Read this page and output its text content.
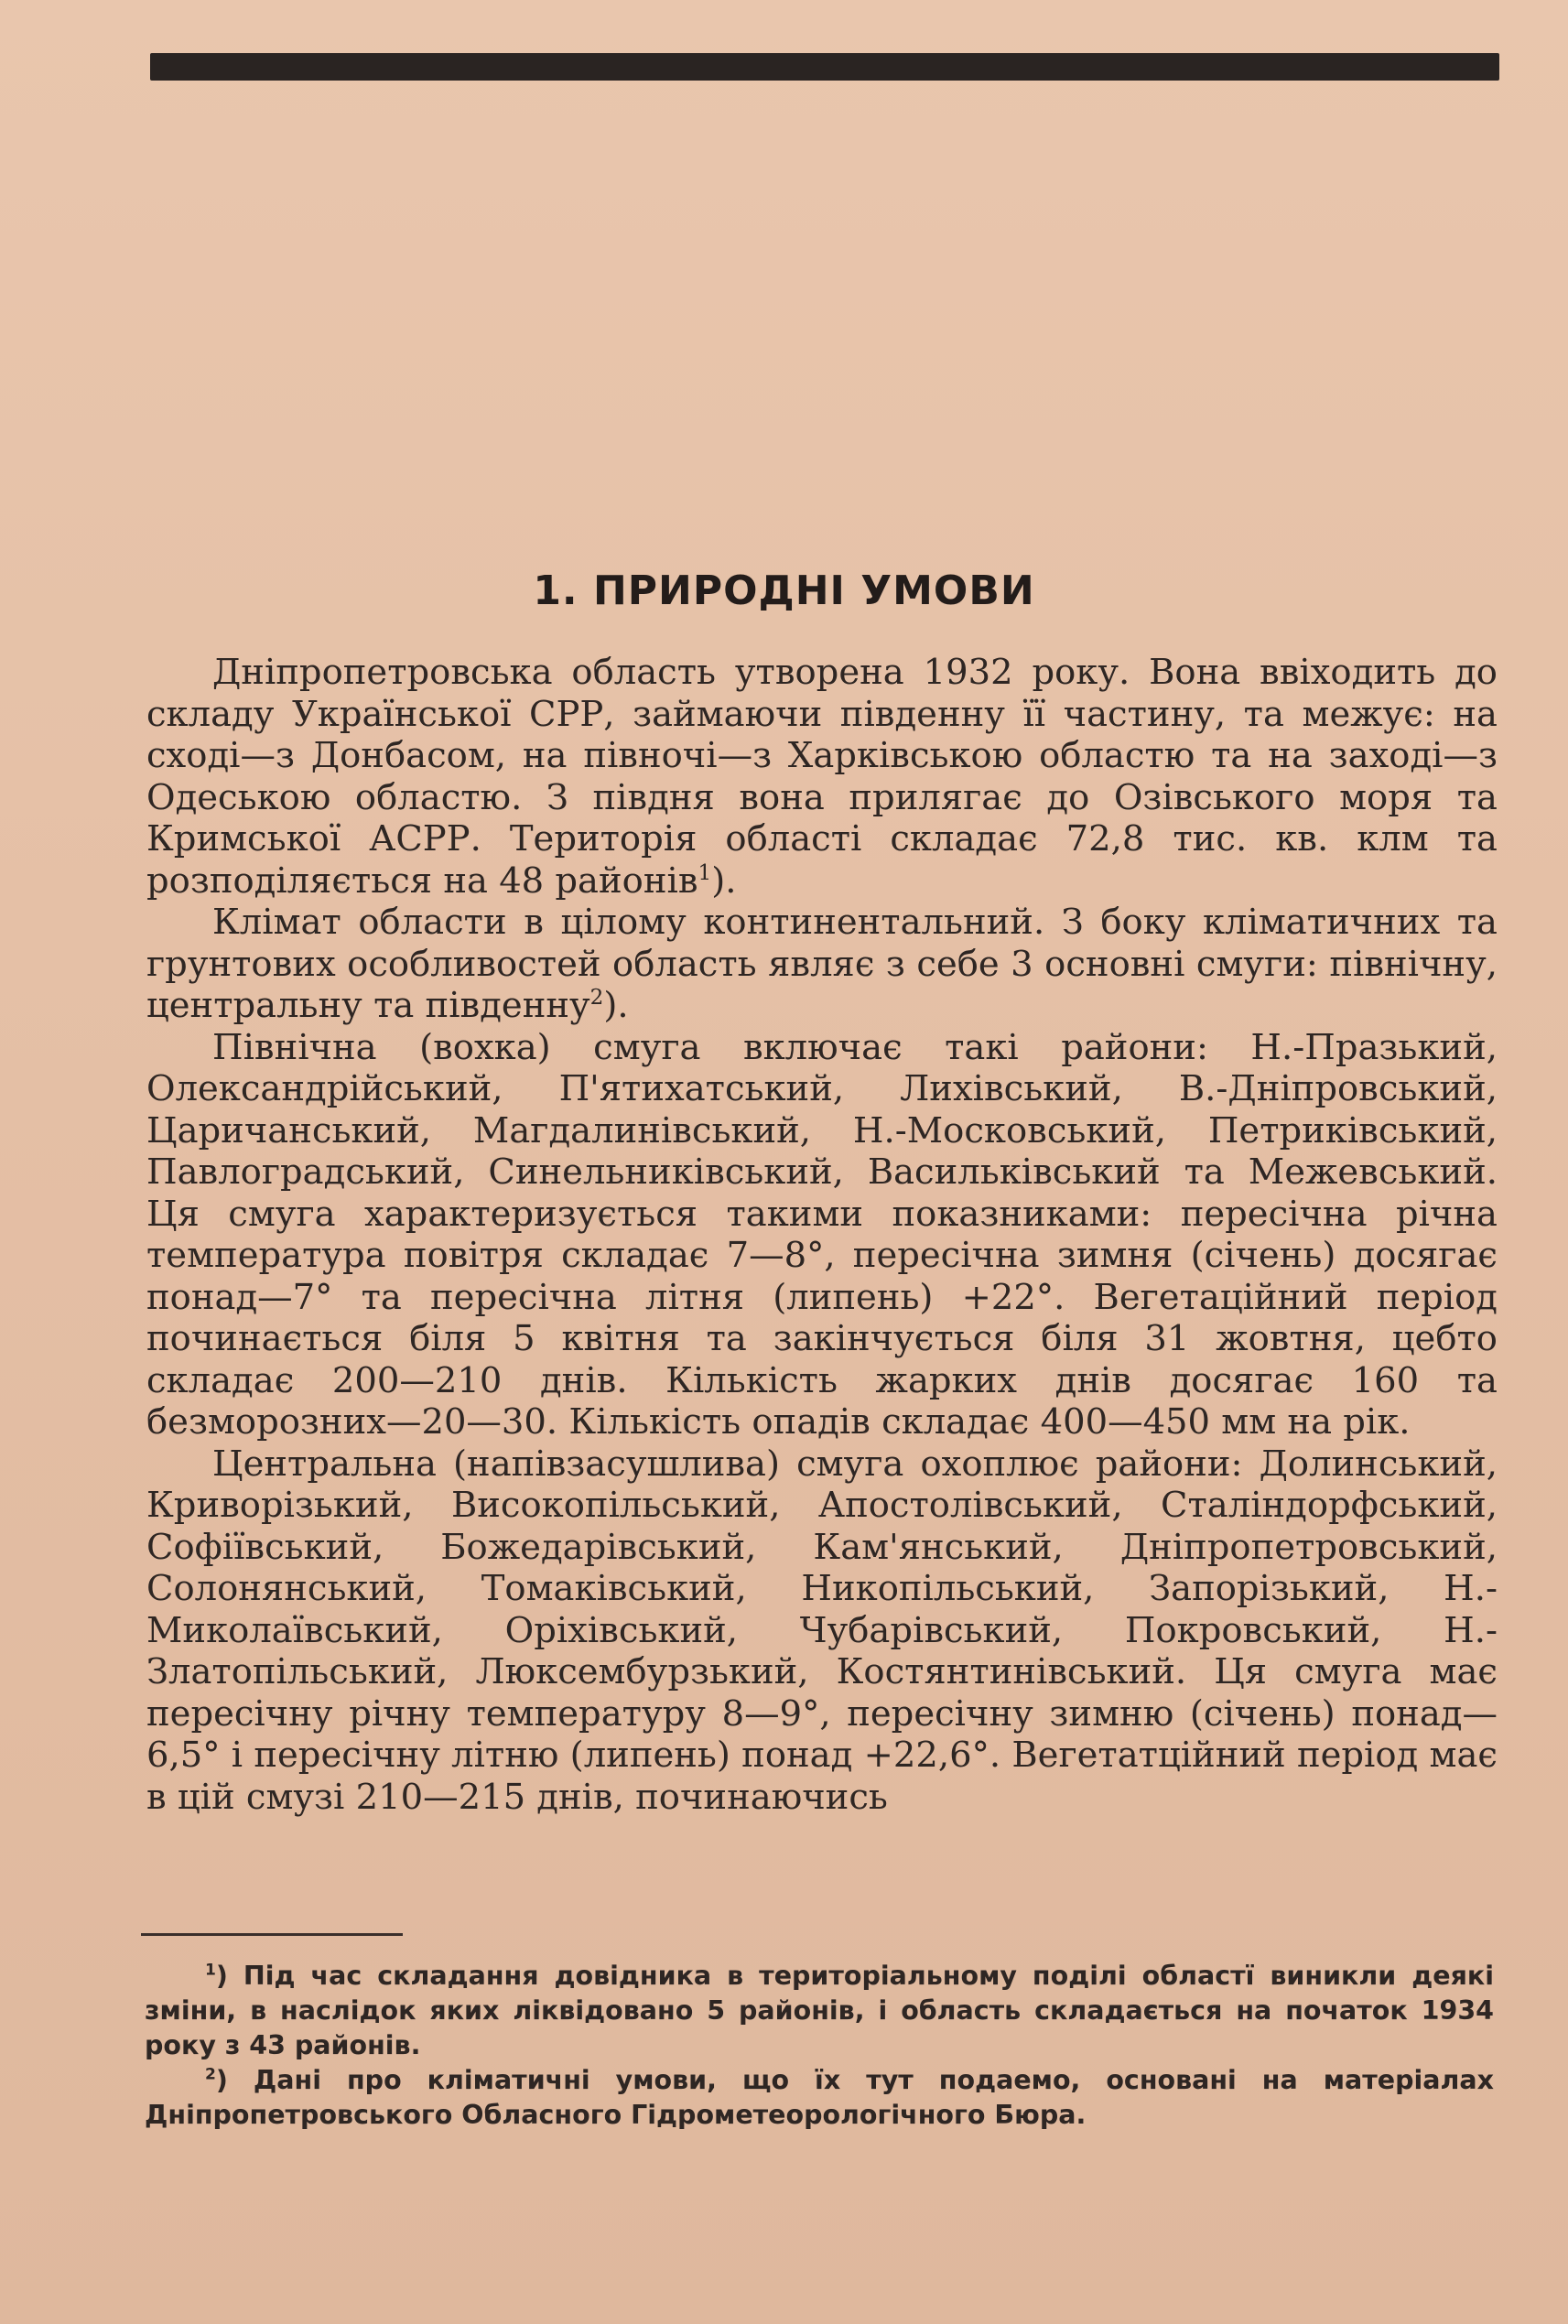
1. ПРИРОДНІ УМОВИ

Дніпропетровська область утворена 1932 року. Вона ввіходить до складу Української СРР, займаючи південну її частину, та межує: на сході—з Донбасом, на півночі—з Харківською областю та на заході—з Одеською областю. З півдня вона прилягає до Озівського моря та Кримської АСРР. Територія області складає 72,8 тис. кв. клм та розподіляється на 48 районів$^1$).

Клімат области в цілому континентальний. З боку кліматичних та грунтових особливостей область являє з себе 3 основні смуги: північну, центральну та південну$^2$).

Північна (вохка) смуга включає такі райони: Н.-Празький, Олександрійський, П'ятихатський, Лихівський, В.-Дніпровський, Царичанський, Магдалинівський, Н.-Московський, Петриківський, Павлоградський, Синельниківський, Васильківський та Межевський. Ця смуга характеризується такими показниками: пересічна річна температура повітря складає 7—8°, пересічна зимня (січень) досягає понад—7° та пересічна літня (липень) +22°. Вегетаційний період починається біля 5 квітня та закінчується біля 31 жовтня, цебто складає 200—210 днів. Кількість жарких днів досягає 160 та безморозних—20—30. Кількість опадів складає 400—450 мм на рік.

Центральна (напівзасушлива) смуга охоплює райони: Долинський, Криворізький, Високопільський, Апостолівський, Сталіндорфський, Софіївський, Божедарівський, Кам'янський, Дніпропетровський, Солонянський, Томаківський, Никопільський, Запорізький, Н.-Миколаївський, Оріхівський, Чубарівський, Покровський, Н.-Златопільський, Люксембурзький, Костянтинівський. Ця смуга має пересічну річну температуру 8—9°, пересічну зимню (січень) понад—6,5° і пересічну літню (липень) понад +22,6°. Вегетатційний період має в цій смузі 210—215 днів, починаючись

$^1$) Під час складання довідника в територіальному поділі областї виникли деякі зміни, в наслідок яких ліквідовано 5 районів, і область складається на початок 1934 року з 43 районів.

$^2$) Дані про кліматичні умови, що їх тут подаемо, основані на матеріалах Дніпропетровського Обласного Гідрометеорологічного Бюра.
